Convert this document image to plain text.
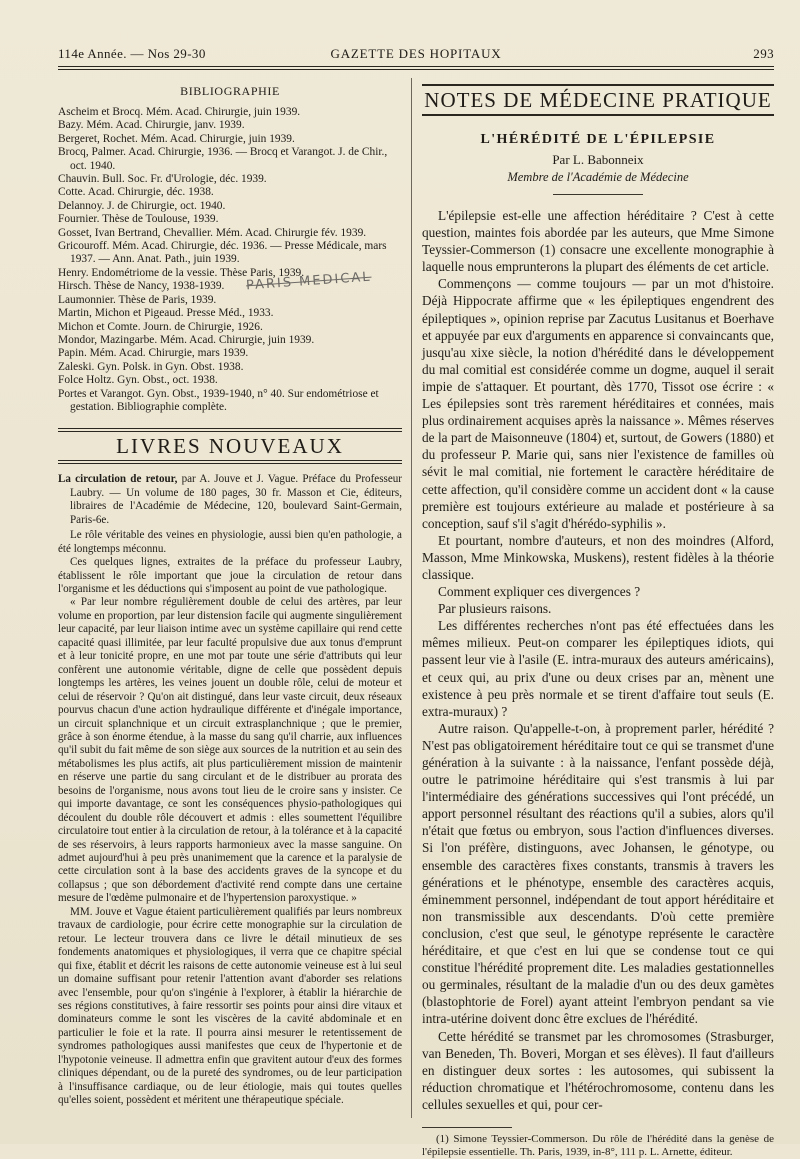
114e Année. — Nos 29-30	GAZETTE DES HOPITAUX	293
BIBLIOGRAPHIE
Ascheim et Brocq. Mém. Acad. Chirurgie, juin 1939.
Bazy. Mém. Acad. Chirurgie, janv. 1939.
Bergeret, Rochet. Mém. Acad. Chirurgie, juin 1939.
Brocq, Palmer. Acad. Chirurgie, 1936. — Brocq et Varangot. J. de Chir., oct. 1940.
Chauvin. Bull. Soc. Fr. d'Urologie, déc. 1939.
Cotte. Acad. Chirurgie, déc. 1938.
Delannoy. J. de Chirurgie, oct. 1940.
Fournier. Thèse de Toulouse, 1939.
Gosset, Ivan Bertrand, Chevallier. Mém. Acad. Chirurgie fév. 1939.
Gricouroff. Mém. Acad. Chirurgie, déc. 1936. — Presse Médicale, mars 1937. — Ann. Anat. Path., juin 1939.
Henry. Endométriome de la vessie. Thèse Paris, 1939.
Hirsch. Thèse de Nancy, 1938-1939.
Laumonnier. Thèse de Paris, 1939.
Martin, Michon et Pigeaud. Presse Méd., 1933.
Michon et Comte. Journ. de Chirurgie, 1926.
Mondor, Mazingarbe. Mém. Acad. Chirurgie, juin 1939.
Papin. Mém. Acad. Chirurgie, mars 1939.
Zaleski. Gyn. Polsk. in Gyn. Obst. 1938.
Folce Holtz. Gyn. Obst., oct. 1938.
Portes et Varangot. Gyn. Obst., 1939-1940, n° 40. Sur endométriose et gestation. Bibliographie complète.
LIVRES NOUVEAUX

La circulation de retour, par A. Jouve et J. Vague. Préface du Professeur Laubry. — Un volume de 180 pages, 30 fr. Masson et Cie, éditeurs, libraires de l'Académie de Médecine, 120, boulevard Saint-Germain, Paris-6e.

Le rôle véritable des veines en physiologie, aussi bien qu'en pathologie, a été longtemps méconnu.

Ces quelques lignes, extraites de la préface du professeur Laubry, établissent le rôle important que joue la circulation de retour dans l'organisme et les déductions qui s'imposent au point de vue pathologique.

« Par leur nombre régulièrement double de celui des artères, par leur volume en proportion, par leur distension facile qui augmente singulièrement leur capacité, par leur liaison intime avec un système capillaire qui rend cette capacité quasi illimitée, par leur faculté propulsive due aux tonus d'emprunt et à leur tonicité propre, en une mot par toute une série d'attributs qui leur confèrent une autonomie véritable, digne de celle que possèdent depuis longtemps les artères, les veines jouent un double rôle, celui de moteur et celui de réservoir ? Qu'on ait distingué, dans leur vaste circuit, deux réseaux pourvus chacun d'une action hydraulique différente et d'inégale importance, un circuit splanchnique et un circuit extrasplanchnique ; que le premier, grâce à son énorme étendue, à la masse du sang qu'il charrie, aux influences qu'il subit du fait même de son siège aux sources de la nutrition et au sein des métabolismes les plus actifs, ait plus particulièrement mission de maintenir en réserve une partie du sang circulant et de le distribuer au prorata des besoins de l'organisme, nous avons tout lieu de le croire sans y insister. Ce qui importe davantage, ce sont les conséquences physio-pathologiques qui découlent du double rôle découvert et admis : elles soumettent l'équilibre circulatoire tout entier à la circulation de retour, à la tolérance et à la capacité de ses réservoirs, à leurs rapports harmonieux avec la masse sanguine. On admet aujourd'hui à peu près unanimement que la carence et la paralysie de cette circulation sont à la base des accidents graves de la syncope et du collapsus ; que son débordement d'activité rend compte dans une certaine mesure de l'œdème pulmonaire et de l'hypertension paroxystique. »

MM. Jouve et Vague étaient particulièrement qualifiés par leurs nombreux travaux de cardiologie, pour écrire cette monographie sur la circulation de retour. Le lecteur trouvera dans ce livre le détail minutieux de ses fondements anatomiques et physiologiques, il verra que ce chapitre spécial qui fixe, établit et décrit les raisons de cette autonomie veineuse est à lui seul un domaine suffisant pour retenir l'attention avant d'aborder ses relations avec l'ensemble, pour qu'on s'ingénie à l'explorer, à établir la hiérarchie de ses régions constitutives, à faire ressortir ses points pour ainsi dire vitaux et dominateurs comme le sont les viscères de la cavité abdominale et en particulier le foie et la rate. Il pourra ainsi mesurer le retentissement de syndromes pathologiques aussi manifestes que ceux de l'hypertonie et de l'hypotonie veineuse. Il admettra enfin que gravitent autour d'eux des formes cliniques dépendant, ou de la pureté des syndromes, ou de leur participation à l'insuffisance cardiaque, ou de leur étiologie, mais qui toutes quelles qu'elles soient, possèdent et méritent une thérapeutique spéciale.

PARIS MEDICAL
NOTES DE MÉDECINE PRATIQUE
L'HÉRÉDITÉ DE L'ÉPILEPSIE
Par L. Babonneix
Membre de l'Académie de Médecine

L'épilepsie est-elle une affection héréditaire ? C'est à cette question, maintes fois abordée par les auteurs, que Mme Simone Teyssier-Commerson (1) consacre une excellente monographie à laquelle nous emprunterons la plupart des éléments de cet article.

Commençons — comme toujours — par un mot d'histoire. Déjà Hippocrate affirme que « les épileptiques engendrent des épileptiques », opinion reprise par Zacutus Lusitanus et Boerhave et appuyée par eux d'arguments en apparence si convaincants que, jusqu'au xixe siècle, la notion d'hérédité dans le développement du mal comitial est considérée comme un dogme, auquel il serait impie de s'attaquer. Et pourtant, dès 1770, Tissot ose écrire : « Les épilepsies sont très rarement héréditaires et connées, mais plus ordinairement acquises après la naissance ». Mêmes réserves de la part de Maisonneuve (1804) et, surtout, de Gowers (1880) et du professeur P. Marie qui, sans nier l'existence de familles où sévit le mal comitial, nie fortement le caractère héréditaire de cette affection, qu'il considère comme un accident dont « la cause première est toujours extérieure au malade et postérieure à sa conception, sauf s'il s'agit d'hérédo-syphilis ».

Et pourtant, nombre d'auteurs, et non des moindres (Alford, Masson, Mme Minkowska, Muskens), restent fidèles à la théorie classique.

Comment expliquer ces divergences ?

Par plusieurs raisons.

Les différentes recherches n'ont pas été effectuées dans les mêmes milieux. Peut-on comparer les épileptiques idiots, qui passent leur vie à l'asile (E. intra-muraux des auteurs américains), et ceux qui, au prix d'une ou deux crises par an, mènent une existence à peu près normale et se tirent d'affaire tout seuls (E. extra-muraux) ?

Autre raison. Qu'appelle-t-on, à proprement parler, hérédité ? N'est pas obligatoirement héréditaire tout ce qui se transmet d'une génération à la suivante : à la naissance, l'enfant possède déjà, outre le patrimoine héréditaire qui s'est transmis à lui par l'intermédiaire des générations successives qui l'ont précédé, un apport personnel résultant des réactions qu'il a subies, alors qu'il n'était que fœtus ou embryon, sous l'action d'influences diverses. Si l'on préfère, distinguons, avec Johansen, le génotype, ou ensemble des caractères fixes constants, transmis à travers les générations et le phénotype, ensemble des caractères acquis, éminemment personnel, indépendant de tout apport héréditaire et non transmissible aux descendants. D'où cette première conclusion, c'est que seul, le génotype représente le caractère héréditaire, et que c'est en lui que se condense tout ce qui constitue l'hérédité proprement dite. Les maladies gestationnelles ou germinales, résultant de la maladie d'un ou des deux gamètes (blastophtorie de Forel) ayant atteint l'embryon pendant sa vie intra-utérine doivent donc être exclues de l'hérédité.

Cette hérédité se transmet par les chromosomes (Strasburger, van Beneden, Th. Boveri, Morgan et ses élèves). Il faut d'ailleurs en distinguer deux sortes : les autosomes, qui subissent la réduction chromatique et l'hétérochromosome, contenu dans les cellules sexuelles et qui, pour cer-

(1) Simone Teyssier-Commerson. Du rôle de l'hérédité dans la genèse de l'épilepsie essentielle. Th. Paris, 1939, in-8°, 111 p. L. Arnette, éditeur.
